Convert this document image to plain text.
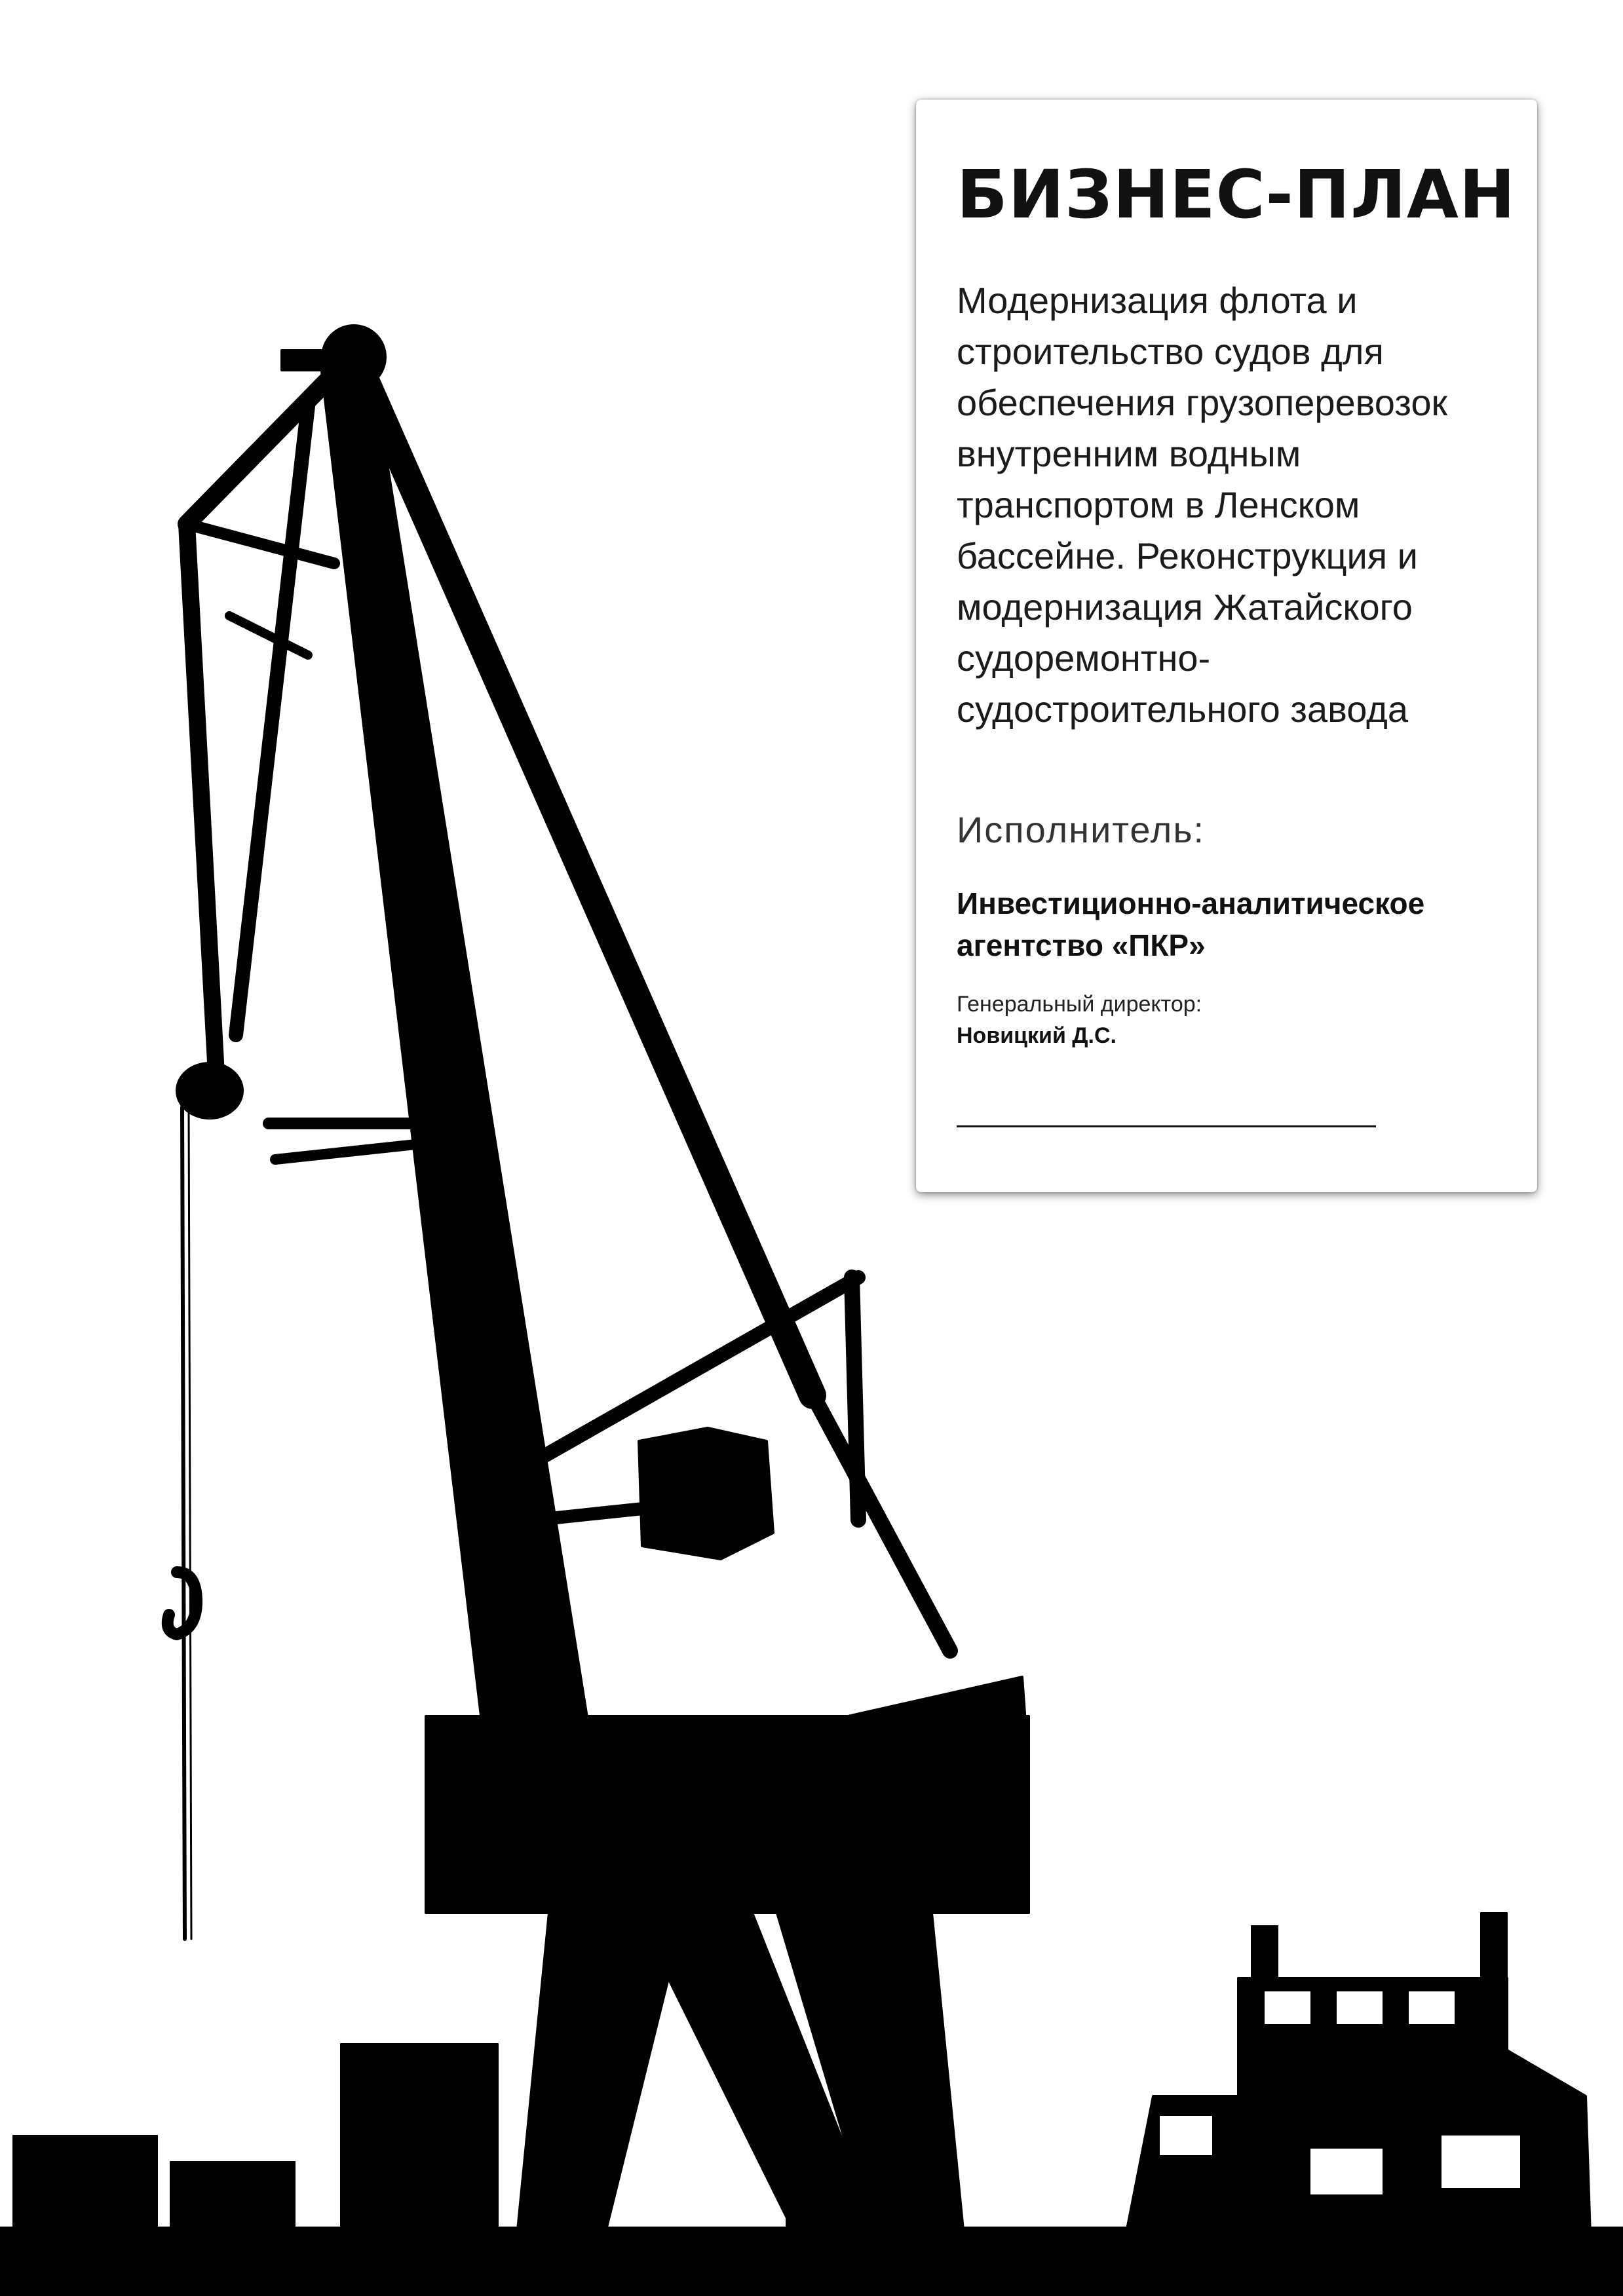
БИЗНЕС-ПЛАН

Модернизация флота и
строительство судов для
обеспечения грузоперевозок
внутренним водным
транспортом в Ленском
бассейне. Реконструкция и
модернизация Жатайского
судоремонтно-
судостроительного завода

Исполнитель:

Инвестиционно-аналитическое
агентство «ПКР»

Генеральный директор:

Новицкий Д.С.
